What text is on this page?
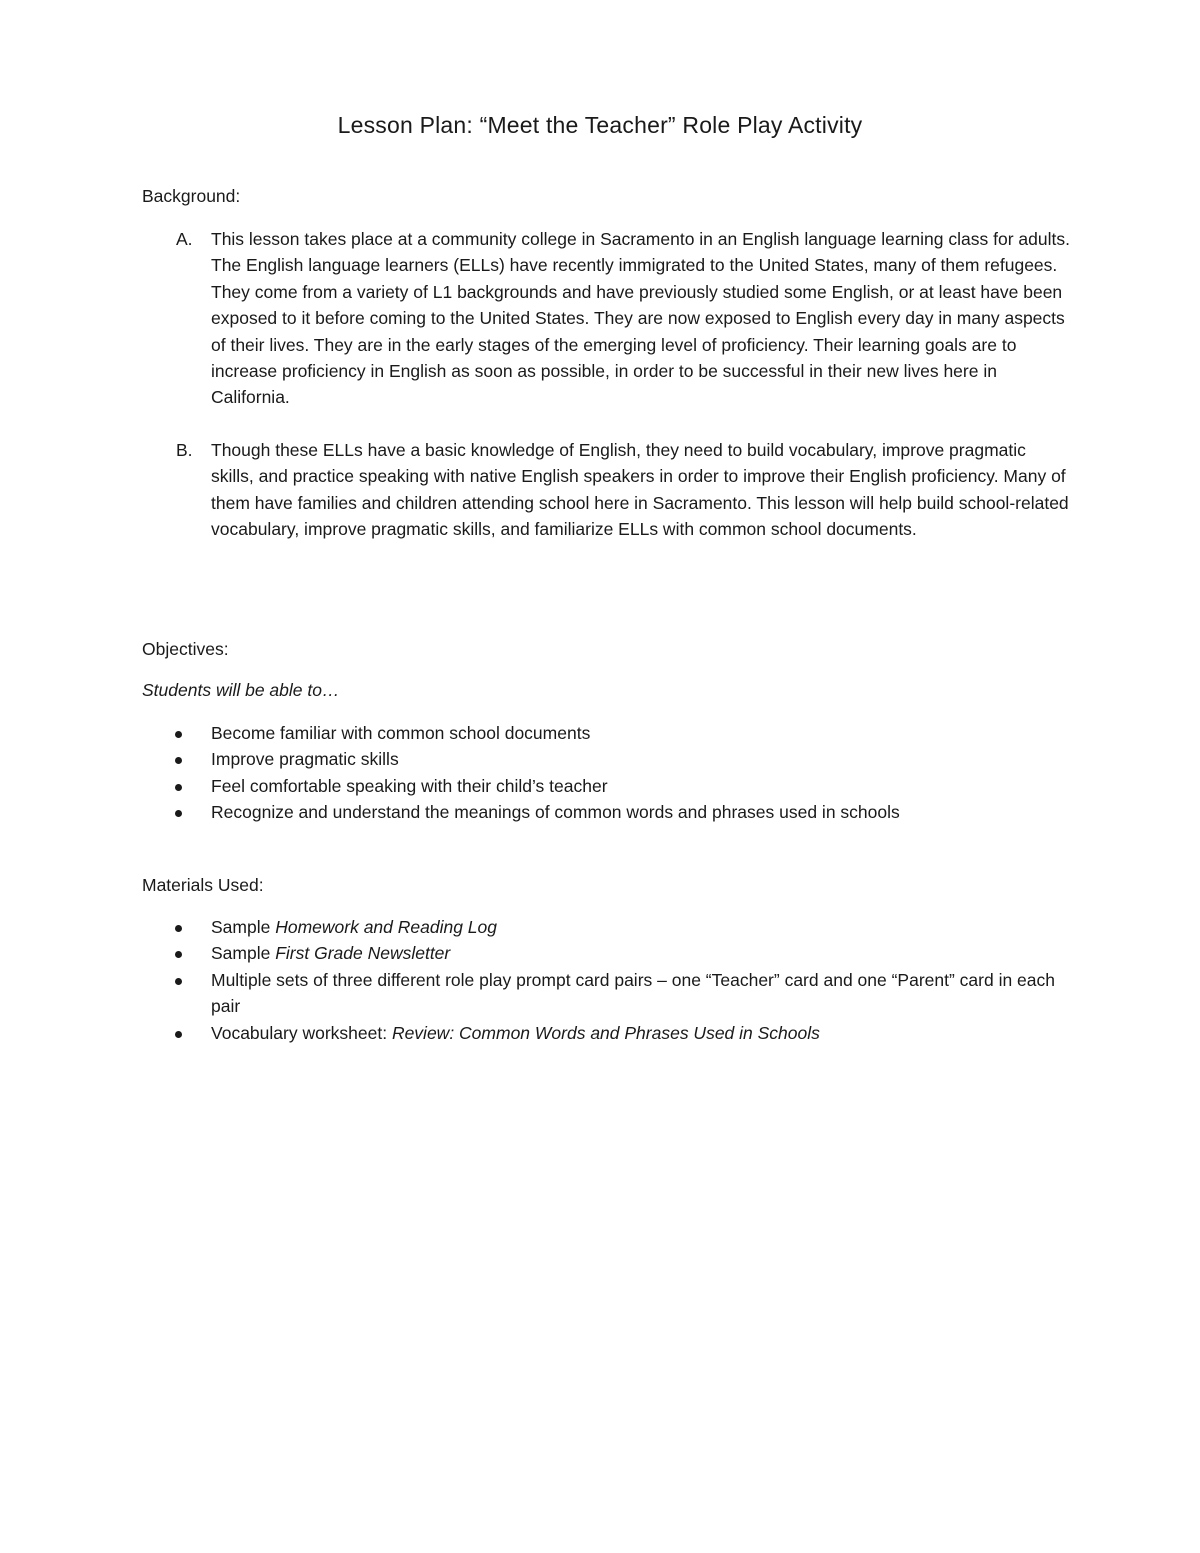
Lesson Plan: “Meet the Teacher” Role Play Activity
Background:
A. This lesson takes place at a community college in Sacramento in an English language learning class for adults. The English language learners (ELLs) have recently immigrated to the United States, many of them refugees. They come from a variety of L1 backgrounds and have previously studied some English, or at least have been exposed to it before coming to the United States. They are now exposed to English every day in many aspects of their lives. They are in the early stages of the emerging level of proficiency. Their learning goals are to increase proficiency in English as soon as possible, in order to be successful in their new lives here in California.
B. Though these ELLs have a basic knowledge of English, they need to build vocabulary, improve pragmatic skills, and practice speaking with native English speakers in order to improve their English proficiency. Many of them have families and children attending school here in Sacramento. This lesson will help build school-related vocabulary, improve pragmatic skills, and familiarize ELLs with common school documents.
Objectives:
Students will be able to…
Become familiar with common school documents
Improve pragmatic skills
Feel comfortable speaking with their child’s teacher
Recognize and understand the meanings of common words and phrases used in schools
Materials Used:
Sample Homework and Reading Log
Sample First Grade Newsletter
Multiple sets of three different role play prompt card pairs – one “Teacher” card and one “Parent” card in each pair
Vocabulary worksheet: Review: Common Words and Phrases Used in Schools
